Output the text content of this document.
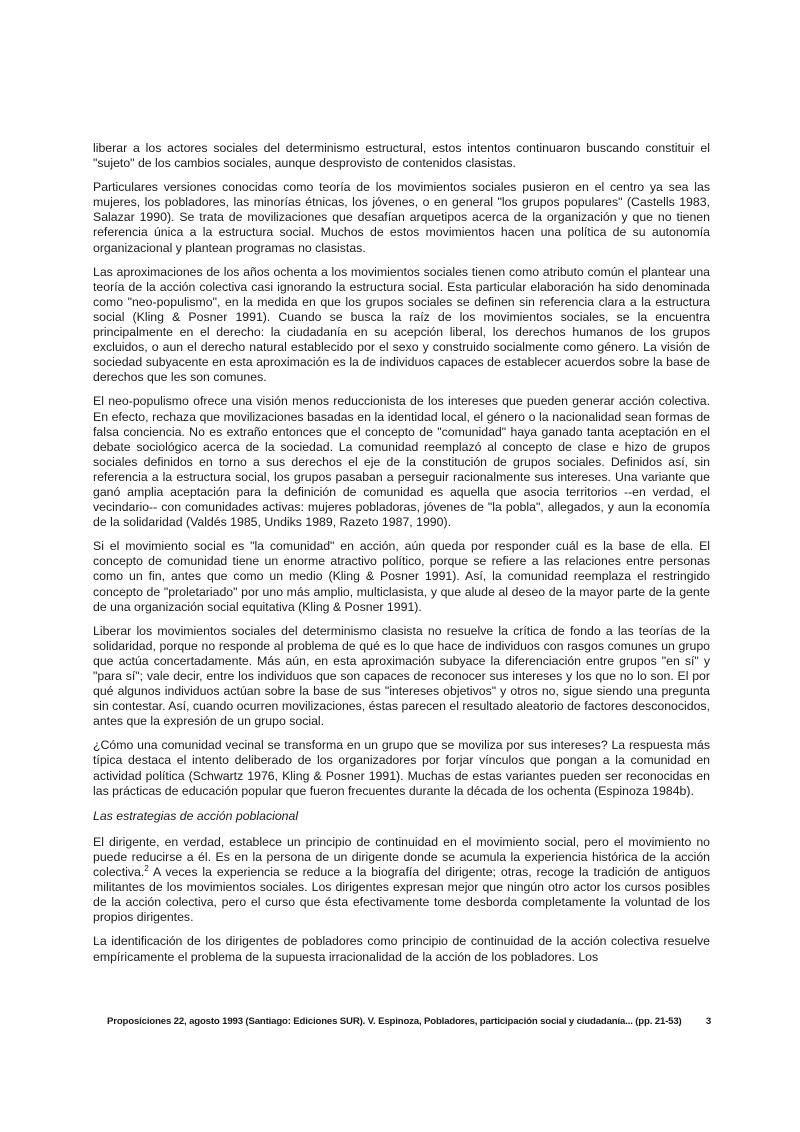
liberar a los actores sociales del determinismo estructural, estos intentos continuaron buscando constituir el "sujeto" de los cambios sociales, aunque desprovisto de contenidos clasistas.

Particulares versiones conocidas como teoría de los movimientos sociales pusieron en el centro ya sea las mujeres, los pobladores, las minorías étnicas, los jóvenes, o en general "los grupos populares" (Castells 1983, Salazar 1990). Se trata de movilizaciones que desafían arquetipos acerca de la organización y que no tienen referencia única a la estructura social. Muchos de estos movimientos hacen una política de su autonomía organizacional y plantean programas no clasistas.

Las aproximaciones de los años ochenta a los movimientos sociales tienen como atributo común el plantear una teoría de la acción colectiva casi ignorando la estructura social. Esta particular elaboración ha sido denominada como "neo-populismo", en la medida en que los grupos sociales se definen sin referencia clara a la estructura social (Kling & Posner 1991). Cuando se busca la raíz de los movimientos sociales, se la encuentra principalmente en el derecho: la ciudadanía en su acepción liberal, los derechos humanos de los grupos excluidos, o aun el derecho natural establecido por el sexo y construido socialmente como género. La visión de sociedad subyacente en esta aproximación es la de individuos capaces de establecer acuerdos sobre la base de derechos que les son comunes.

El neo-populismo ofrece una visión menos reduccionista de los intereses que pueden generar acción colectiva. En efecto, rechaza que movilizaciones basadas en la identidad local, el género o la nacionalidad sean formas de falsa conciencia. No es extraño entonces que el concepto de "comunidad" haya ganado tanta aceptación en el debate sociológico acerca de la sociedad. La comunidad reemplazó al concepto de clase e hizo de grupos sociales definidos en torno a sus derechos el eje de la constitución de grupos sociales. Definidos así, sin referencia a la estructura social, los grupos pasaban a perseguir racionalmente sus intereses. Una variante que ganó amplia aceptación para la definición de comunidad es aquella que asocia territorios --en verdad, el vecindario-- con comunidades activas: mujeres pobladoras, jóvenes de "la pobla", allegados, y aun la economía de la solidaridad (Valdés 1985, Undiks 1989, Razeto 1987, 1990).

Si el movimiento social es "la comunidad" en acción, aún queda por responder cuál es la base de ella. El concepto de comunidad tiene un enorme atractivo político, porque se refiere a las relaciones entre personas como un fin, antes que como un medio (Kling & Posner 1991). Así, la comunidad reemplaza el restringido concepto de "proletariado" por uno más amplio, multiclasista, y que alude al deseo de la mayor parte de la gente de una organización social equitativa (Kling & Posner 1991).

Liberar los movimientos sociales del determinismo clasista no resuelve la crítica de fondo a las teorías de la solidaridad, porque no responde al problema de qué es lo que hace de individuos con rasgos comunes un grupo que actúa concertadamente. Más aún, en esta aproximación subyace la diferenciación entre grupos "en sí" y "para sí"; vale decir, entre los individuos que son capaces de reconocer sus intereses y los que no lo son. El por qué algunos individuos actúan sobre la base de sus "intereses objetivos" y otros no, sigue siendo una pregunta sin contestar. Así, cuando ocurren movilizaciones, éstas parecen el resultado aleatorio de factores desconocidos, antes que la expresión de un grupo social.

¿Cómo una comunidad vecinal se transforma en un grupo que se moviliza por sus intereses? La respuesta más típica destaca el intento deliberado de los organizadores por forjar vínculos que pongan a la comunidad en actividad política (Schwartz 1976, Kling & Posner 1991). Muchas de estas variantes pueden ser reconocidas en las prácticas de educación popular que fueron frecuentes durante la década de los ochenta (Espinoza 1984b).

Las estrategias de acción poblacional

El dirigente, en verdad, establece un principio de continuidad en el movimiento social, pero el movimiento no puede reducirse a él. Es en la persona de un dirigente donde se acumula la experiencia histórica de la acción colectiva.$^2$ A veces la experiencia se reduce a la biografía del dirigente; otras, recoge la tradición de antiguos militantes de los movimientos sociales. Los dirigentes expresan mejor que ningún otro actor los cursos posibles de la acción colectiva, pero el curso que ésta efectivamente tome desborda completamente la voluntad de los propios dirigentes.

La identificación de los dirigentes de pobladores como principio de continuidad de la acción colectiva resuelve empíricamente el problema de la supuesta irracionalidad de la acción de los pobladores. Los

Proposiciones 22, agosto 1993 (Santiago: Ediciones SUR). V. Espinoza, Pobladores, participación social y ciudadanía... (pp. 21-53)	3
